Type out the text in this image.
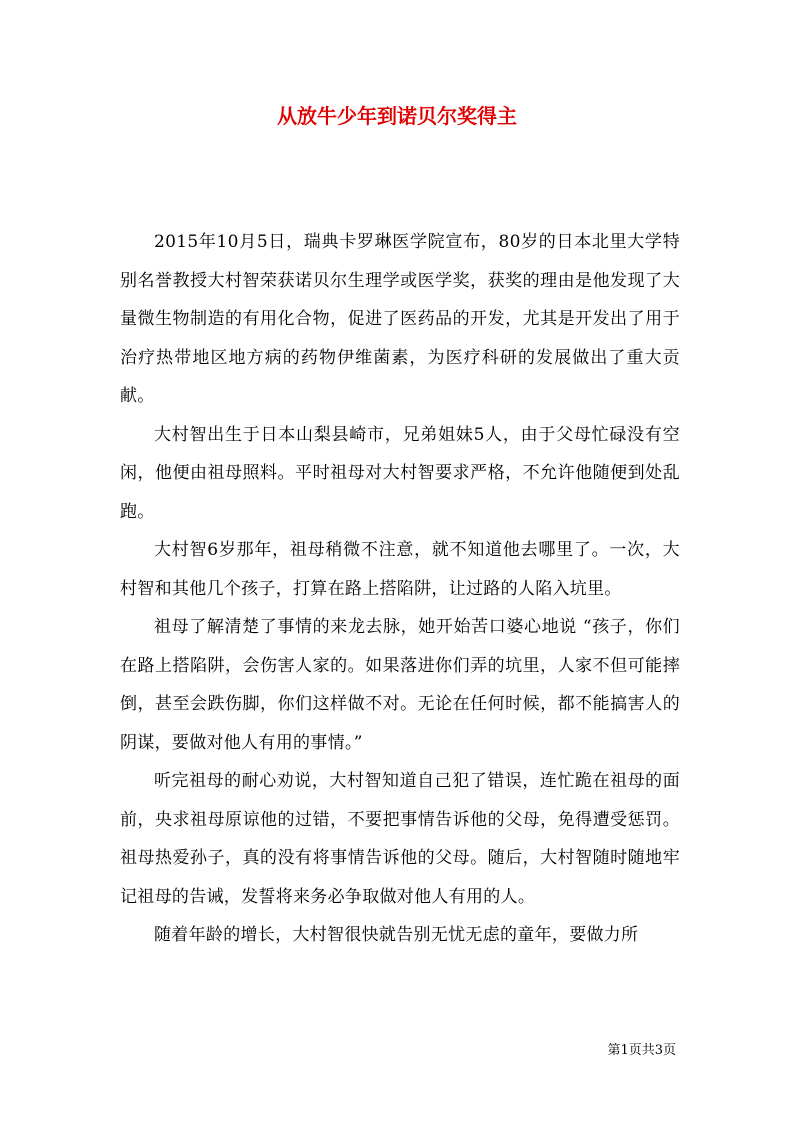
从放牛少年到诺贝尔奖得主

2015年10月5日，瑞典卡罗琳医学院宣布，80岁的日本北里大学特别名誉教授大村智荣获诺贝尔生理学或医学奖，获奖的理由是他发现了大量微生物制造的有用化合物，促进了医药品的开发，尤其是开发出了用于治疗热带地区地方病的药物伊维菌素，为医疗科研的发展做出了重大贡献。

大村智出生于日本山梨县崎市，兄弟姐妹5人，由于父母忙碌没有空闲，他便由祖母照料。平时祖母对大村智要求严格，不允许他随便到处乱跑。

大村智6岁那年，祖母稍微不注意，就不知道他去哪里了。一次，大村智和其他几个孩子，打算在路上搭陷阱，让过路的人陷入坑里。

祖母了解清楚了事情的来龙去脉，她开始苦口婆心地说 “孩子，你们在路上搭陷阱，会伤害人家的。如果落进你们弄的坑里，人家不但可能摔倒，甚至会跌伤脚，你们这样做不对。无论在任何时候，都不能搞害人的阴谋，要做对他人有用的事情。”

听完祖母的耐心劝说，大村智知道自己犯了错误，连忙跪在祖母的面前，央求祖母原谅他的过错，不要把事情告诉他的父母，免得遭受惩罚。祖母热爱孙子，真的没有将事情告诉他的父母。随后，大村智随时随地牢记祖母的告诫，发誓将来务必争取做对他人有用的人。

随着年龄的增长，大村智很快就告别无忧无虑的童年，要做力所

第1页共3页
